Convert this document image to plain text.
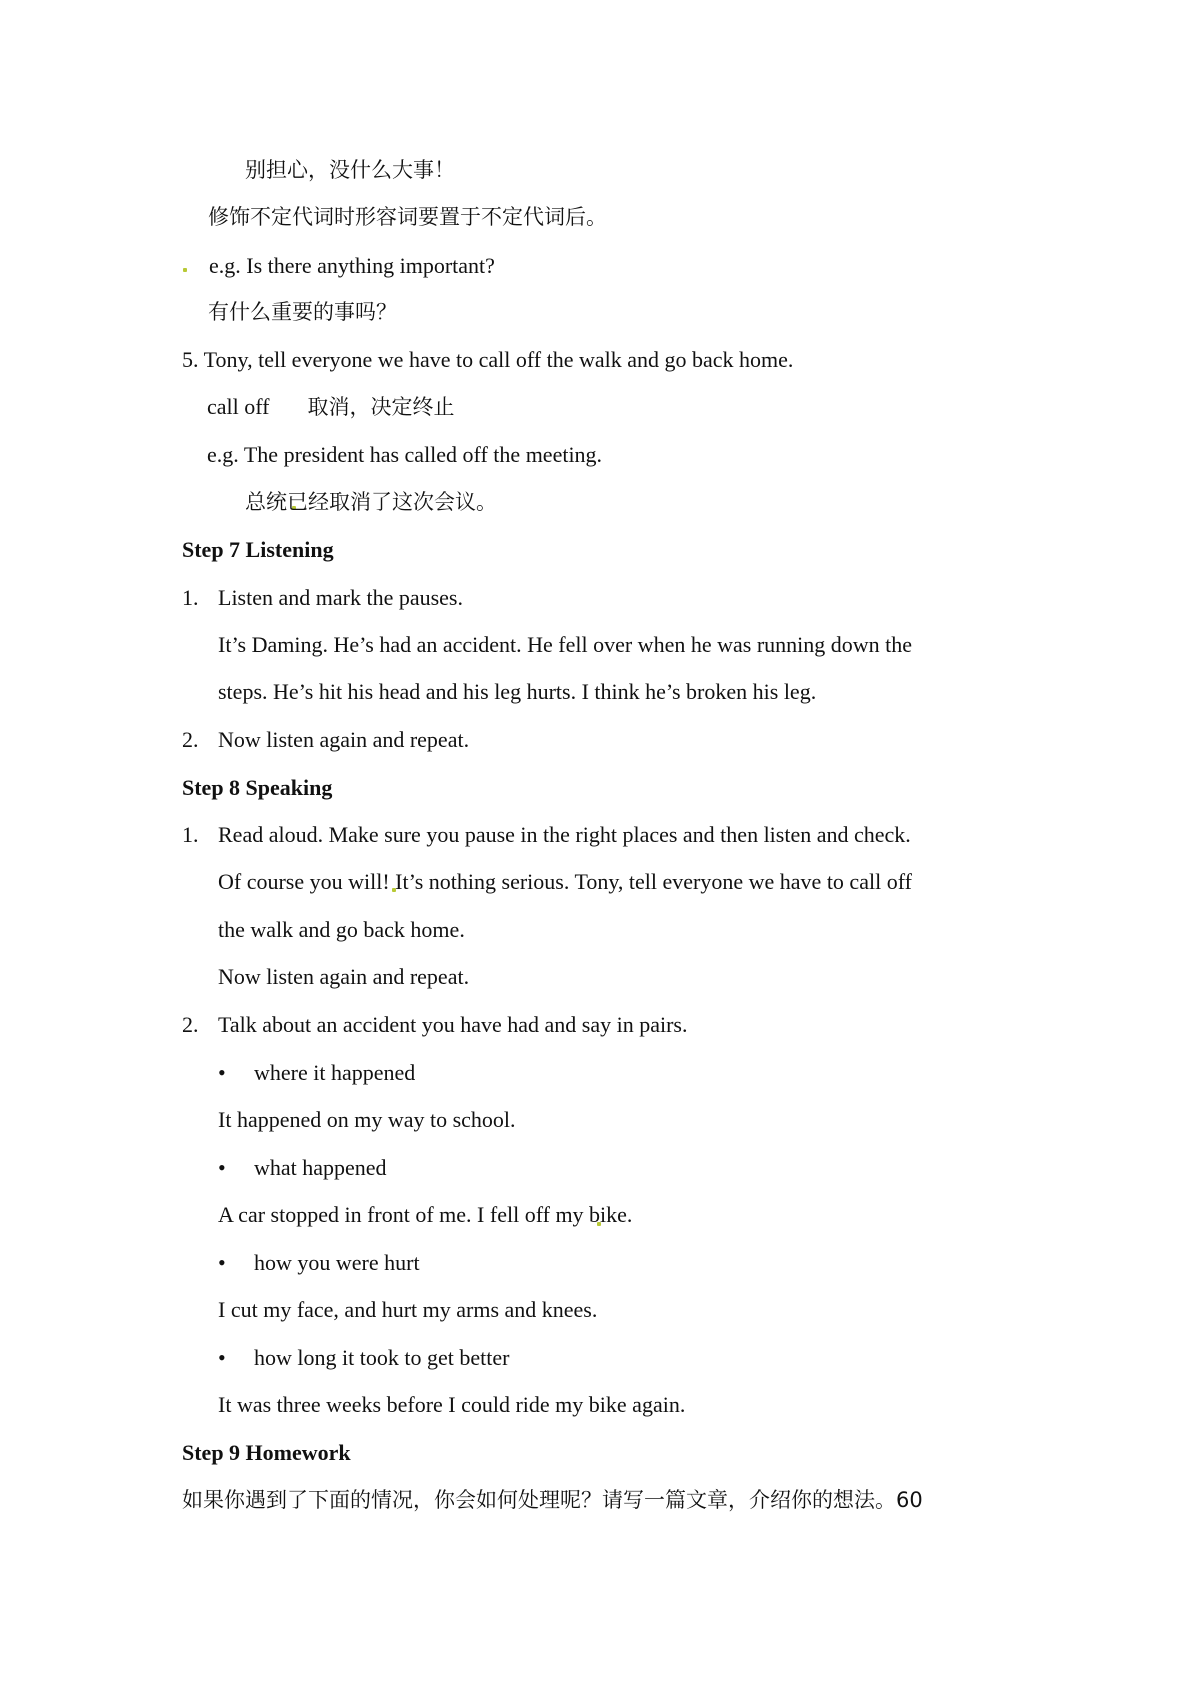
别担心，没什么大事！
修饰不定代词时形容词要置于不定代词后。
e.g. Is there anything important?
有什么重要的事吗？
5. Tony, tell everyone we have to call off the walk and go back home.
call off 取消，决定终止
e.g. The president has called off the meeting.
总统已经取消了这次会议。
Step 7 Listening
1. Listen and mark the pauses.
It’s Daming. He’s had an accident. He fell over when he was running down the
steps. He’s hit his head and his leg hurts. I think he’s broken his leg.
2. Now listen again and repeat.
Step 8 Speaking
1. Read aloud. Make sure you pause in the right places and then listen and check.
Of course you will! It’s nothing serious. Tony, tell everyone we have to call off
the walk and go back home.
Now listen again and repeat.
2. Talk about an accident you have had and say in pairs.
• where it happened
It happened on my way to school.
• what happened
A car stopped in front of me. I fell off my bike.
• how you were hurt
I cut my face, and hurt my arms and knees.
• how long it took to get better
It was three weeks before I could ride my bike again.
Step 9 Homework
如果你遇到了下面的情况，你会如何处理呢？请写一篇文章，介绍你的想法。60
